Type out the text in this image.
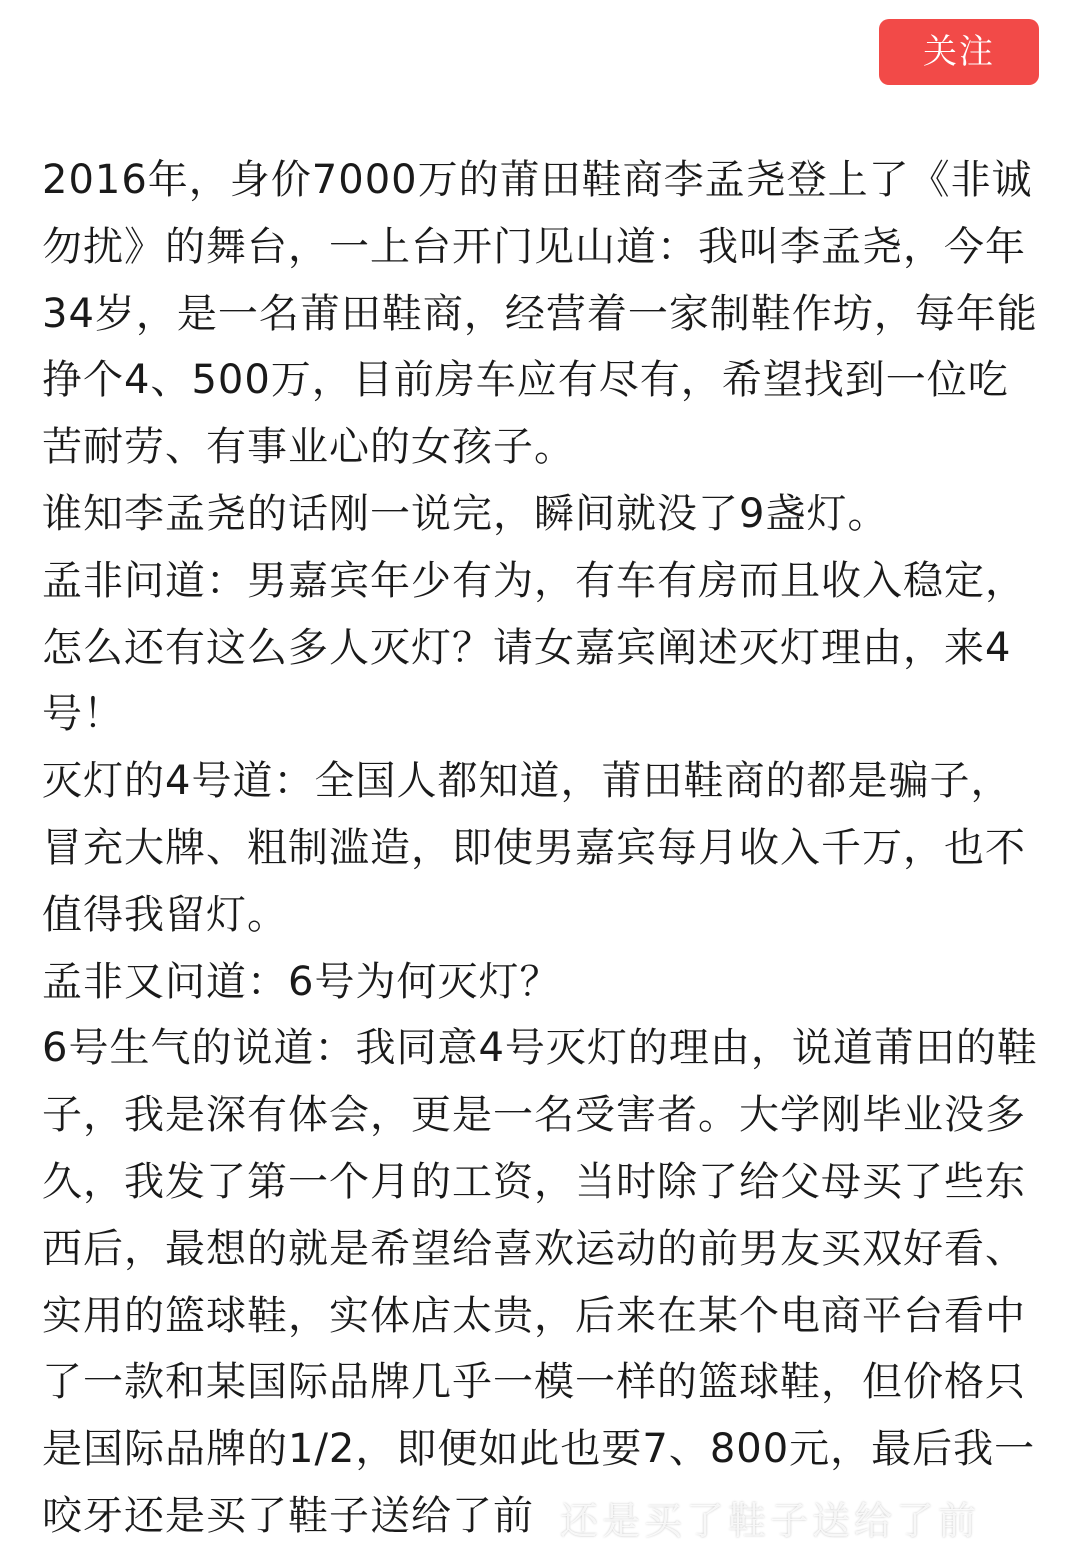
关注

2016年，身价7000万的莆田鞋商李孟尧登上了《非诚勿扰》的舞台，一上台开门见山道：我叫李孟尧，今年34岁，是一名莆田鞋商，经营着一家制鞋作坊，每年能挣个4、500万，目前房车应有尽有，希望找到一位吃苦耐劳、有事业心的女孩子。

谁知李孟尧的话刚一说完，瞬间就没了9盏灯。

孟非问道：男嘉宾年少有为，有车有房而且收入稳定，怎么还有这么多人灭灯？请女嘉宾阐述灭灯理由，来4号！

灭灯的4号道：全国人都知道，莆田鞋商的都是骗子，冒充大牌、粗制滥造，即使男嘉宾每月收入千万，也不值得我留灯。

孟非又问道：6号为何灭灯？

6号生气的说道：我同意4号灭灯的理由，说道莆田的鞋子，我是深有体会，更是一名受害者。大学刚毕业没多久，我发了第一个月的工资，当时除了给父母买了些东西后，最想的就是希望给喜欢运动的前男友买双好看、实用的篮球鞋，实体店太贵，后来在某个电商平台看中了一款和某国际品牌几乎一模一样的篮球鞋，但价格只是国际品牌的1/2，即便如此也要7、800元，最后我一咬牙还是买了鞋子送给了前 还是买了鞋子送给了前
